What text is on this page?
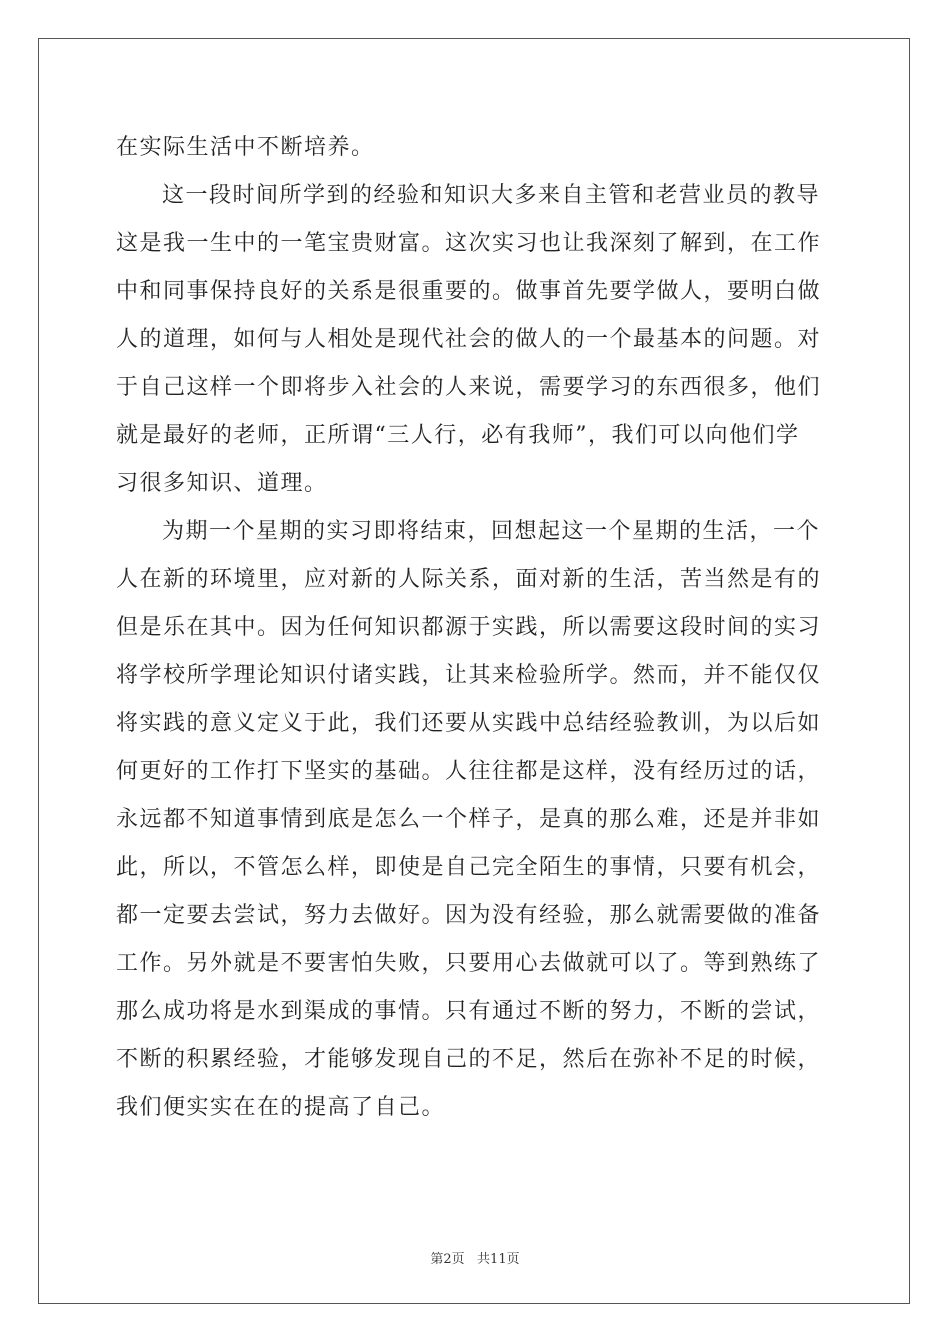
在实际生活中不断培养。
这一段时间所学到的经验和知识大多来自主管和老营业员的教导
这是我一生中的一笔宝贵财富。这次实习也让我深刻了解到，在工作
中和同事保持良好的关系是很重要的。做事首先要学做人，要明白做
人的道理，如何与人相处是现代社会的做人的一个最基本的问题。对
于自己这样一个即将步入社会的人来说，需要学习的东西很多，他们
就是最好的老师，正所谓“三人行，必有我师”，我们可以向他们学
习很多知识、道理。
为期一个星期的实习即将结束，回想起这一个星期的生活，一个
人在新的环境里，应对新的人际关系，面对新的生活，苦当然是有的
但是乐在其中。因为任何知识都源于实践，所以需要这段时间的实习
将学校所学理论知识付诸实践，让其来检验所学。然而，并不能仅仅
将实践的意义定义于此，我们还要从实践中总结经验教训，为以后如
何更好的工作打下坚实的基础。人往往都是这样，没有经历过的话，
永远都不知道事情到底是怎么一个样子，是真的那么难，还是并非如
此，所以，不管怎么样，即使是自己完全陌生的事情，只要有机会，
都一定要去尝试，努力去做好。因为没有经验，那么就需要做的准备
工作。另外就是不要害怕失败，只要用心去做就可以了。等到熟练了
那么成功将是水到渠成的事情。只有通过不断的努力，不断的尝试，
不断的积累经验，才能够发现自己的不足，然后在弥补不足的时候，
我们便实实在在的提高了自己。
第2页   共11页
